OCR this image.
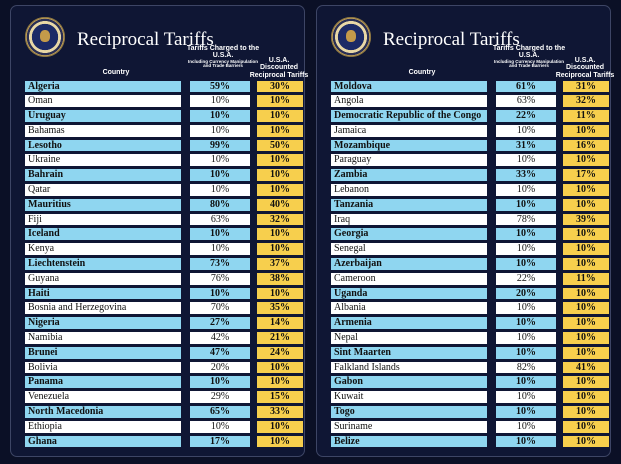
Reciprocal Tariffs
Tariffs Charged to the U.S.A.
Including Currency Manipulation and Trade Barriers
U.S.A. Discounted Reciprocal Tariffs
Country
Algeria	59%	30%
Oman	10%	10%
Uruguay	10%	10%
Bahamas	10%	10%
Lesotho	99%	50%
Ukraine	10%	10%
Bahrain	10%	10%
Qatar	10%	10%
Mauritius	80%	40%
Fiji	63%	32%
Iceland	10%	10%
Kenya	10%	10%
Liechtenstein	73%	37%
Guyana	76%	38%
Haiti	10%	10%
Bosnia and Herzegovina	70%	35%
Nigeria	27%	14%
Namibia	42%	21%
Brunei	47%	24%
Bolivia	20%	10%
Panama	10%	10%
Venezuela	29%	15%
North Macedonia	65%	33%
Ethiopia	10%	10%
Ghana	17%	10%
Reciprocal Tariffs
Tariffs Charged to the U.S.A.
Including Currency Manipulation and Trade Barriers
U.S.A. Discounted Reciprocal Tariffs
Country
Moldova	61%	31%
Angola	63%	32%
Democratic Republic of the Congo	22%	11%
Jamaica	10%	10%
Mozambique	31%	16%
Paraguay	10%	10%
Zambia	33%	17%
Lebanon	10%	10%
Tanzania	10%	10%
Iraq	78%	39%
Georgia	10%	10%
Senegal	10%	10%
Azerbaijan	10%	10%
Cameroon	22%	11%
Uganda	20%	10%
Albania	10%	10%
Armenia	10%	10%
Nepal	10%	10%
Sint Maarten	10%	10%
Falkland Islands	82%	41%
Gabon	10%	10%
Kuwait	10%	10%
Togo	10%	10%
Suriname	10%	10%
Belize	10%	10%
